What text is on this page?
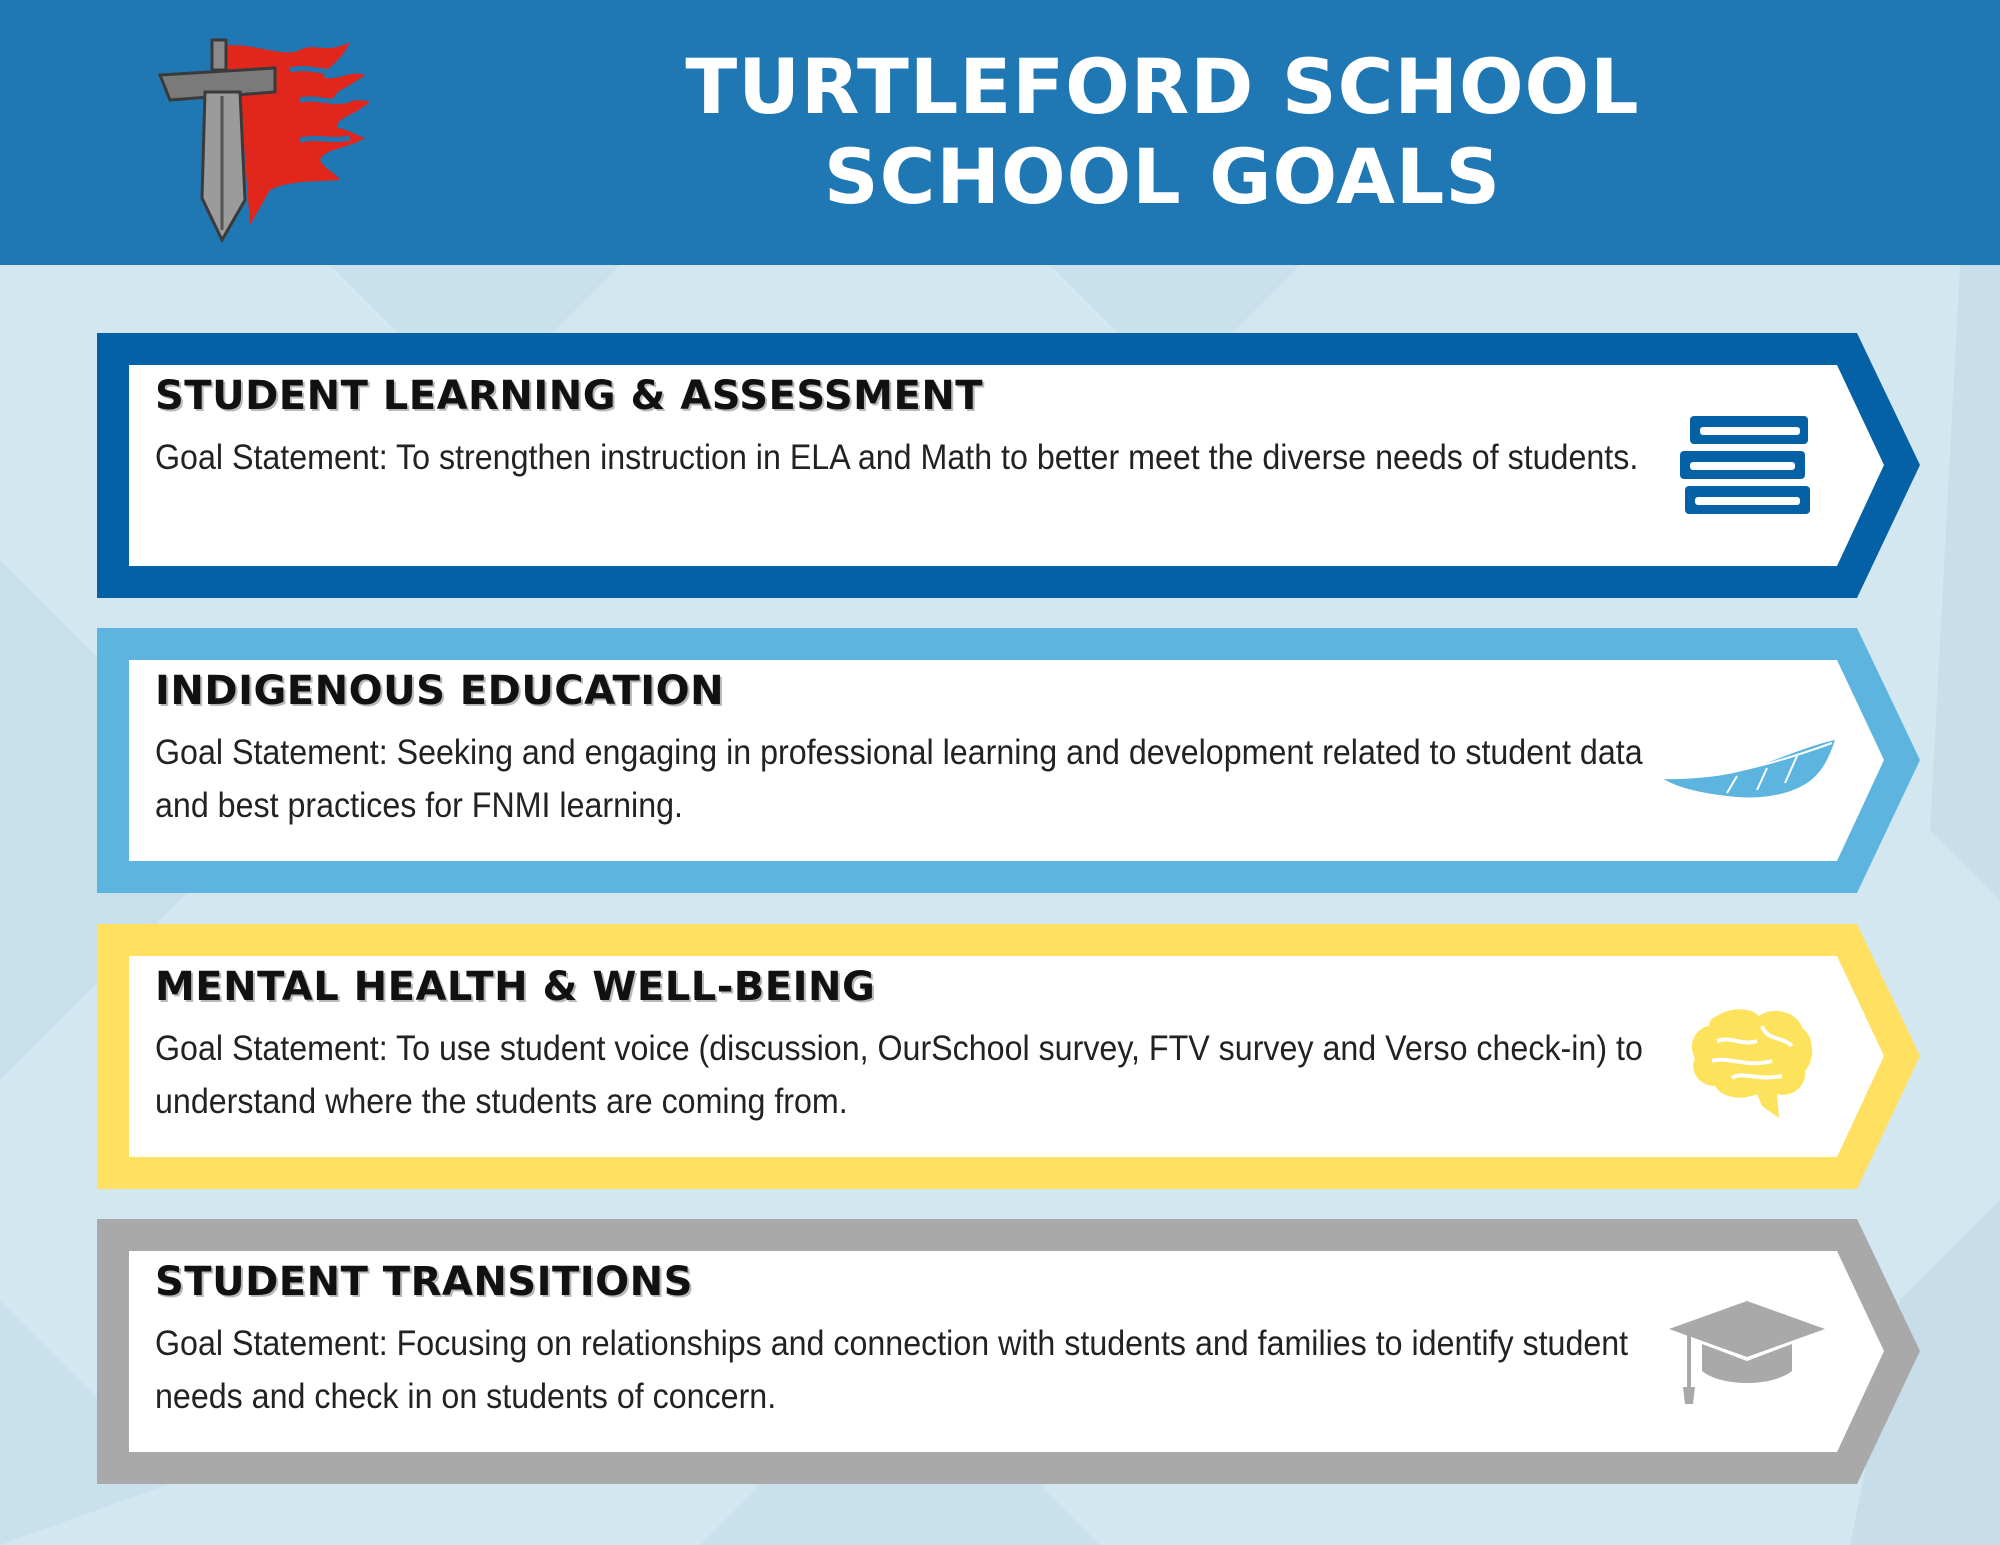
TURTLEFORD SCHOOL
SCHOOL GOALS
STUDENT LEARNING & ASSESSMENT
Goal Statement: To strengthen instruction in ELA and Math to better meet the diverse needs of students.
INDIGENOUS EDUCATION
Goal Statement: Seeking and engaging in professional learning and development related to student data and best practices for FNMI learning.
MENTAL HEALTH & WELL-BEING
Goal Statement: To use student voice (discussion, OurSchool survey, FTV survey and Verso check-in) to understand where the students are coming from.
STUDENT TRANSITIONS
Goal Statement: Focusing on relationships and connection with students and families to identify student needs and check in on students of concern.
